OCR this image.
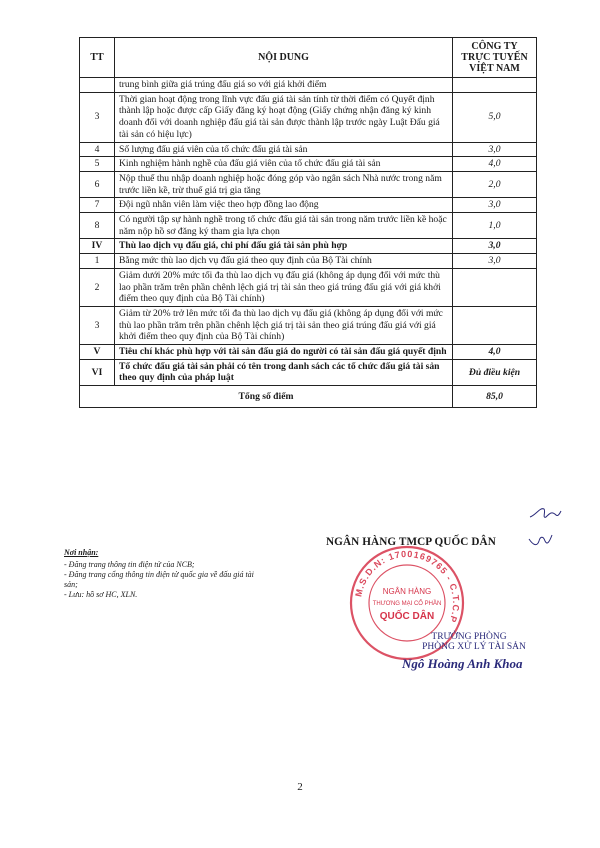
TT	NỘI DUNG	CÔNG TY TRỰC TUYẾN VIỆT NAM
	trung bình giữa giá trúng đấu giá so với giá khởi điểm	
3	Thời gian hoạt động trong lĩnh vực đấu giá tài sản tính từ thời điểm có Quyết định thành lập hoặc được cấp Giấy đăng ký hoạt động (Giấy chứng nhận đăng ký kinh doanh đối với doanh nghiệp đấu giá tài sản được thành lập trước ngày Luật Đấu giá tài sản có hiệu lực)	5,0
4	Số lượng đấu giá viên của tổ chức đấu giá tài sản	3,0
5	Kinh nghiệm hành nghề của đấu giá viên của tổ chức đấu giá tài sản	4,0
6	Nộp thuế thu nhập doanh nghiệp hoặc đóng góp vào ngân sách Nhà nước trong năm trước liền kề, trừ thuế giá trị gia tăng	2,0
7	Đội ngũ nhân viên làm việc theo hợp đồng lao động	3,0
8	Có người tập sự hành nghề trong tổ chức đấu giá tài sản trong năm trước liền kề hoặc năm nộp hồ sơ đăng ký tham gia lựa chọn	1,0
IV	Thù lao dịch vụ đấu giá, chi phí đấu giá tài sản phù hợp	3,0
1	Bằng mức thù lao dịch vụ đấu giá theo quy định của Bộ Tài chính	3,0
2	Giảm dưới 20% mức tối đa thù lao dịch vụ đấu giá (không áp dụng đối với mức thù lao phần trăm trên phần chênh lệch giá trị tài sản theo giá trúng đấu giá với giá khởi điểm theo quy định của Bộ Tài chính)	
3	Giảm từ 20% trở lên mức tối đa thù lao dịch vụ đấu giá (không áp dụng đối với mức thù lao phần trăm trên phần chênh lệch giá trị tài sản theo giá trúng đấu giá với giá khởi điểm theo quy định của Bộ Tài chính)	
V	Tiêu chí khác phù hợp với tài sản đấu giá do người có tài sản đấu giá quyết định	4,0
VI	Tổ chức đấu giá tài sản phải có tên trong danh sách các tổ chức đấu giá tài sản theo quy định của pháp luật	Đủ điều kiện
Tổng số điểm		85,0
Nơi nhận:
- Đăng trang thông tin điện tử của NCB;
- Đăng trang cổng thông tin điện tử quốc gia về đấu giá tài sản;
- Lưu: hồ sơ HC, XLN.
NGÂN HÀNG TMCP QUỐC DÂN
M.S.D.N: 1700169765 - C.T.C.P
NGÂN HÀNG
THƯƠNG MẠI CỔ PHẦN
QUỐC DÂN
TRƯỞNG PHÒNG
PHÒNG XỬ LÝ TÀI SẢN
Ngô Hoàng Anh Khoa
2
